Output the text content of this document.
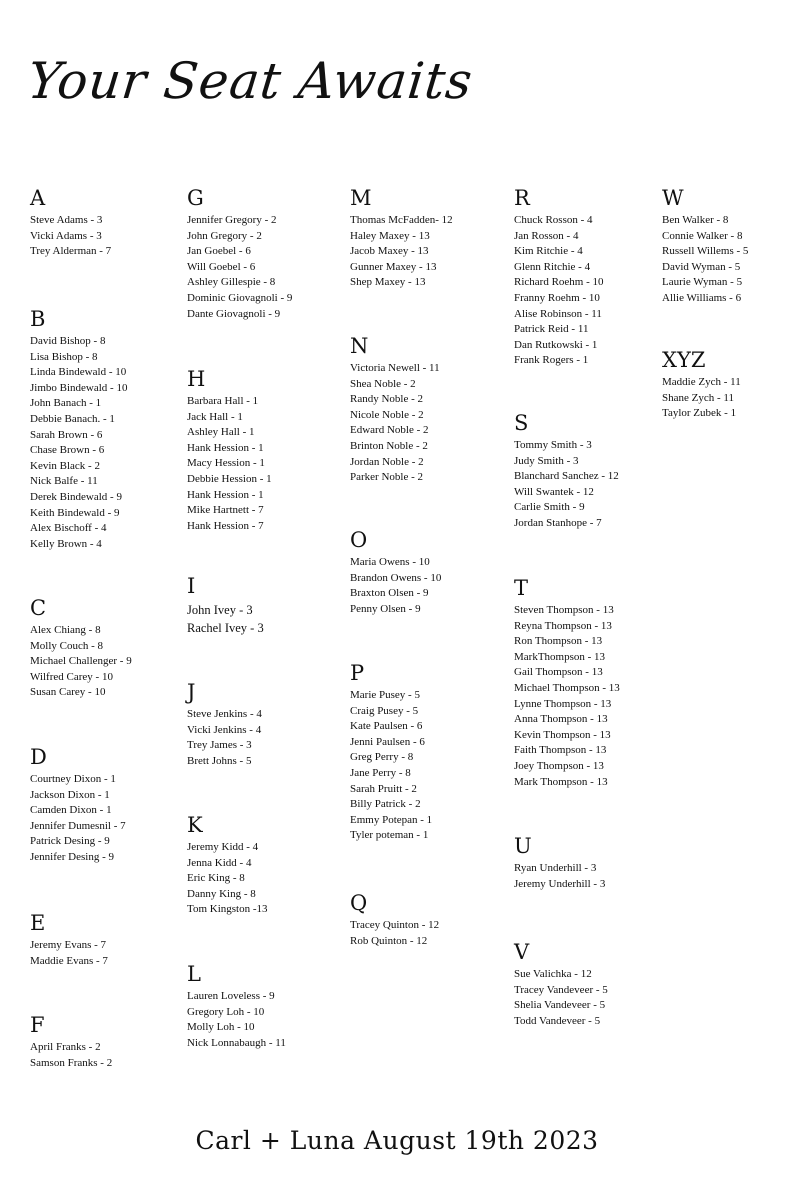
Your Seat Awaits
A
Steve Adams - 3
Vicki Adams - 3
Trey Alderman - 7
B
David Bishop - 8
Lisa Bishop - 8
Linda Bindewald - 10
Jimbo Bindewald - 10
John Banach - 1
Debbie Banach. - 1
Sarah Brown - 6
Chase Brown - 6
Kevin Black - 2
Nick Balfe - 11
Derek Bindewald - 9
Keith Bindewald - 9
Alex Bischoff - 4
Kelly Brown - 4
C
Alex Chiang - 8
Molly Couch - 8
Michael Challenger - 9
Wilfred Carey - 10
Susan Carey - 10
D
Courtney Dixon - 1
Jackson Dixon - 1
Camden Dixon - 1
Jennifer Dumesnil - 7
Patrick Desing - 9
Jennifer Desing - 9
E
Jeremy Evans - 7
Maddie Evans - 7
F
April Franks - 2
Samson Franks - 2
G
Jennifer Gregory - 2
John Gregory - 2
Jan Goebel - 6
Will Goebel - 6
Ashley Gillespie - 8
Dominic Giovagnoli - 9
Dante Giovagnoli - 9
H
Barbara Hall - 1
Jack Hall - 1
Ashley Hall - 1
Hank Hession - 1
Macy Hession - 1
Debbie Hession - 1
Hank Hession - 1
Mike Hartnett - 7
Hank Hession - 7
I
John Ivey - 3
Rachel Ivey - 3
J
Steve Jenkins - 4
Vicki Jenkins - 4
Trey James - 3
Brett Johns - 5
K
Jeremy Kidd - 4
Jenna Kidd - 4
Eric King - 8
Danny King - 8
Tom Kingston -13
L
Lauren Loveless - 9
Gregory Loh - 10
Molly Loh - 10
Nick Lonnabaugh - 11
M
Thomas McFadden- 12
Haley Maxey - 13
Jacob Maxey - 13
Gunner Maxey - 13
Shep Maxey - 13
N
Victoria Newell - 11
Shea Noble - 2
Randy Noble - 2
Nicole Noble - 2
Edward Noble - 2
Brinton Noble - 2
Jordan Noble - 2
Parker Noble - 2
O
Maria Owens - 10
Brandon Owens - 10
Braxton Olsen - 9
Penny Olsen - 9
P
Marie Pusey - 5
Craig Pusey - 5
Kate Paulsen - 6
Jenni Paulsen - 6
Greg Perry - 8
Jane Perry - 8
Sarah Pruitt - 2
Billy Patrick - 2
Emmy Potepan - 1
Tyler poteman - 1
Q
Tracey Quinton - 12
Rob Quinton - 12
R
Chuck Rosson - 4
Jan Rosson - 4
Kim Ritchie - 4
Glenn Ritchie - 4
Richard Roehm - 10
Franny Roehm - 10
Alise Robinson - 11
Patrick Reid - 11
Dan Rutkowski - 1
Frank Rogers - 1
S
Tommy Smith - 3
Judy Smith - 3
Blanchard Sanchez - 12
Will Swantek - 12
Carlie Smith - 9
Jordan Stanhope - 7
T
Steven Thompson - 13
Reyna Thompson - 13
Ron Thompson - 13
MarkThompson - 13
Gail Thompson - 13
Michael Thompson - 13
Lynne Thompson - 13
Anna Thompson - 13
Kevin Thompson - 13
Faith Thompson - 13
Joey Thompson - 13
Mark Thompson - 13
U
Ryan Underhill - 3
Jeremy Underhill - 3
V
Sue Valichka - 12
Tracey Vandeveer - 5
Shelia Vandeveer - 5
Todd Vandeveer - 5
W
Ben Walker - 8
Connie Walker - 8
Russell Willems - 5
David Wyman - 5
Laurie Wyman - 5
Allie Williams - 6
XYZ
Maddie Zych - 11
Shane Zych - 11
Taylor Zubek - 1
Carl + Luna August 19th 2023
